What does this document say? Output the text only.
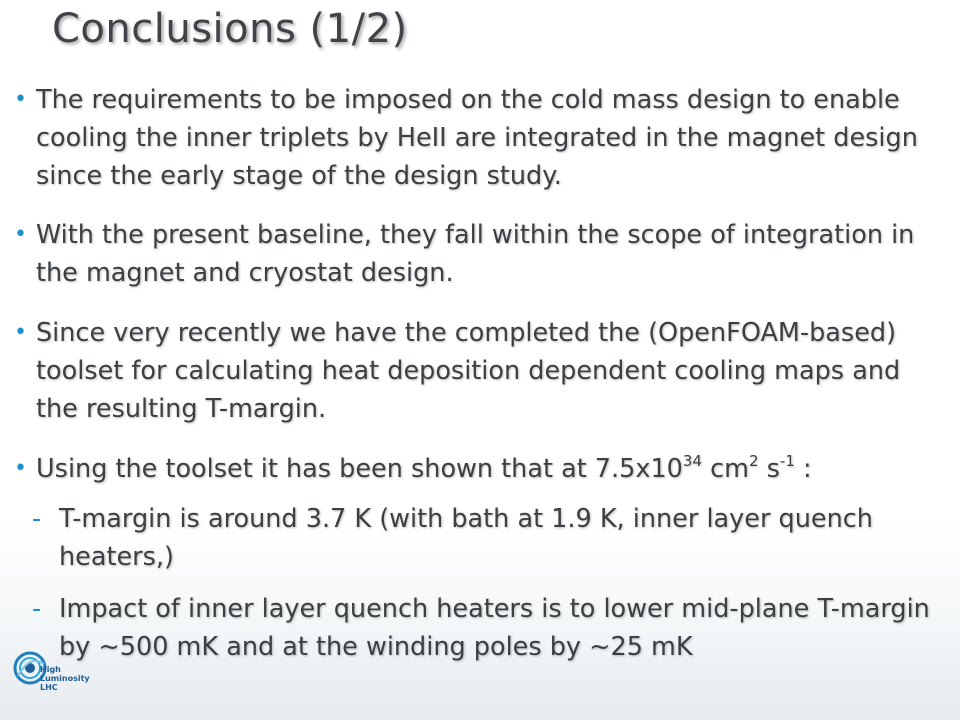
Conclusions (1/2)
• The requirements to be imposed on the cold mass design to enable cooling the inner triplets by HeII are integrated in the magnet design since the early stage of the design study.
• With the present baseline, they fall within the scope of integration in the magnet and cryostat design.
• Since very recently we have the completed the (OpenFOAM-based) toolset for calculating heat deposition dependent cooling maps and the resulting T-margin.
• Using the toolset it has been shown that at $7.5x10^{34}$ $cm^2$ $s^{-1}$ :
- T-margin is around 3.7 K (with bath at 1.9 K, inner layer quench heaters,)
- Impact of inner layer quench heaters is to lower mid-plane T-margin by ~500 mK and at the winding poles by ~25 mK
High
Luminosity
LHC
